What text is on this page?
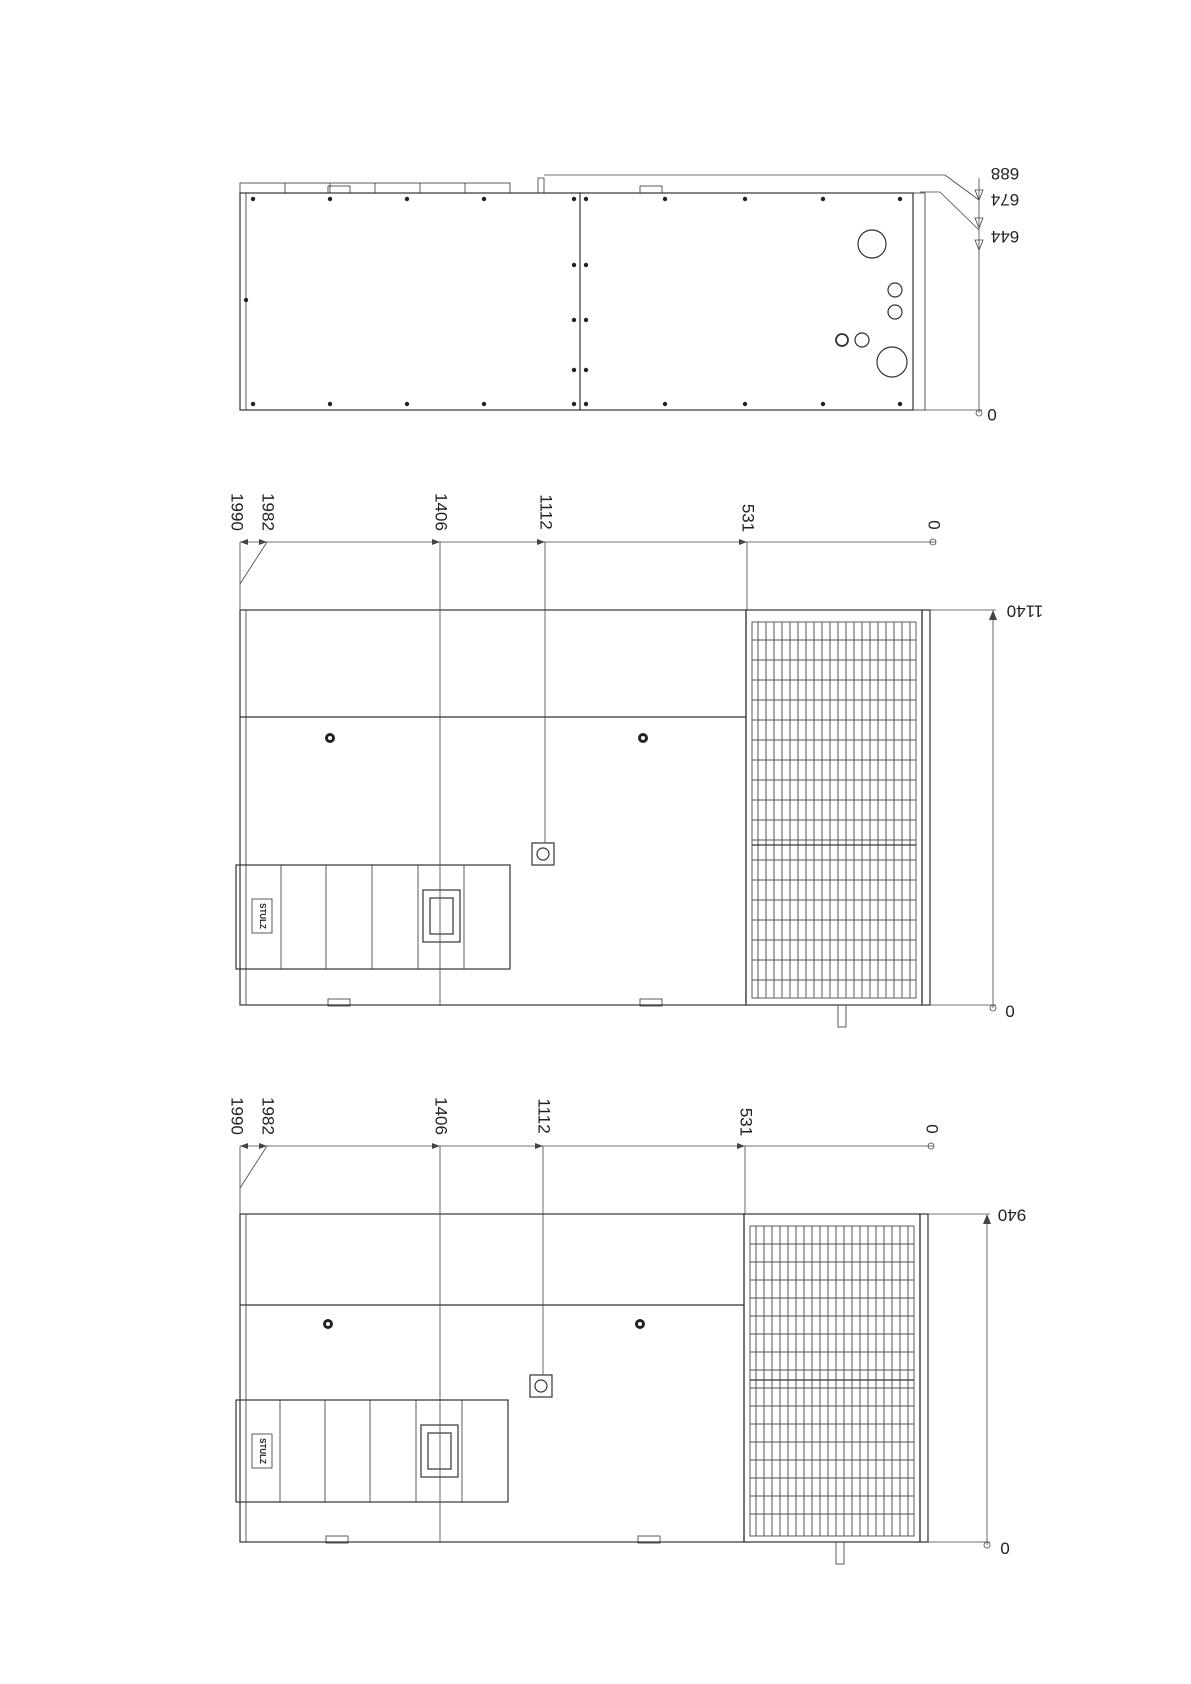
688
674
644
0
STULZ
1990 1982	1406	1112	531	0
1140
0
STULZ
1990 1982	1406	1112	531	0
940
0
